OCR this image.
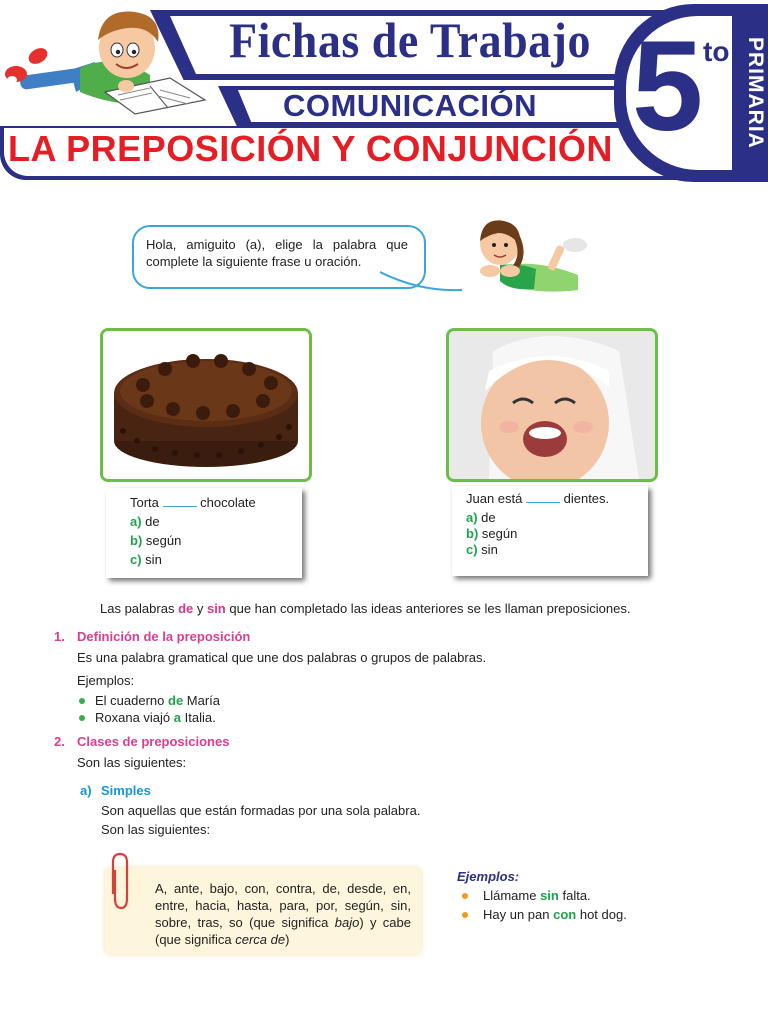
Fichas de Trabajo
COMUNICACIÓN
LA PREPOSICIÓN Y CONJUNCIÓN 5 to PRIMARIA
Hola, amiguito (a), elige la palabra que complete la siguiente frase u oración.
Torta	chocolate
a) de
b) según
c) sin
Juan está	dientes.
a) de
b) según
c) sin
Las palabras de y sin que han completado las ideas anteriores se les llaman preposiciones.
1. Definición de la preposición
Es una palabra gramatical que une dos palabras o grupos de palabras.
Ejemplos:
El cuaderno de María
Roxana viajó a Italia.
2. Clases de preposiciones
Son las siguientes:
a) Simples
Son aquellas que están formadas por una sola palabra.
Son las siguientes:
A, ante, bajo, con, contra, de, desde, en, entre, hacia, hasta, para, por, según, sin, sobre, tras, so (que significa bajo) y cabe (que significa cerca de)
Ejemplos:
Llámame sin falta.
Hay un pan con hot dog.
